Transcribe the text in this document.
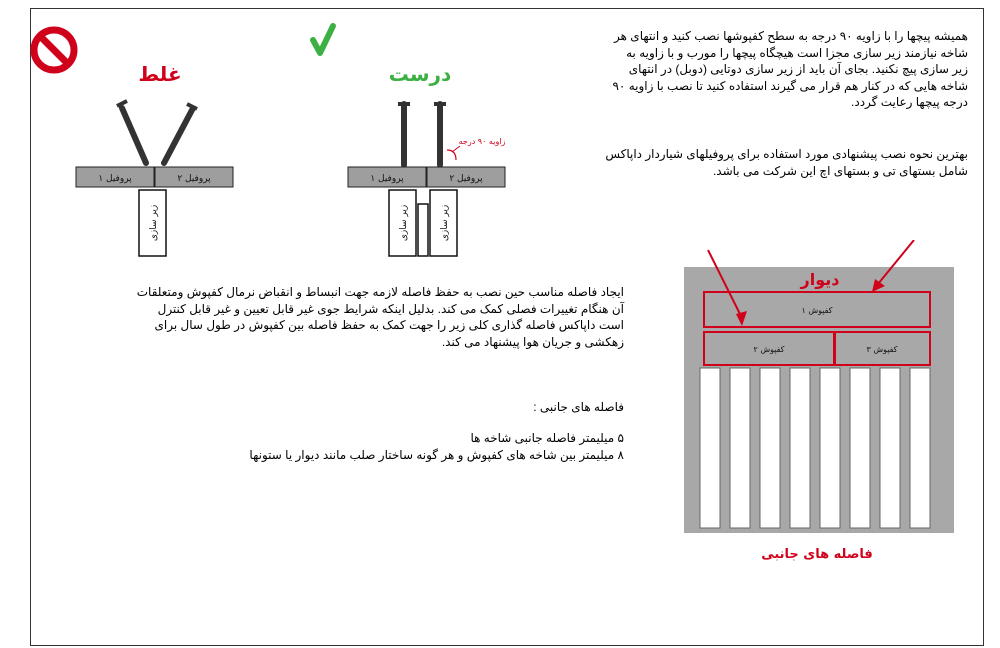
غلط	درست
پروفیل ۱	پروفیل ۲
زیر سازی
زاویه ۹۰ درجه
پروفیل ۱	پروفیل ۲
زیر سازی	زیر سازی
همیشه پیچها را با زاویه ۹۰ درجه به سطح کفپوشها نصب کنید و انتهای هر
شاخه نیازمند زیر سازی مجزا است هیچگاه پیچها را مورب و با زاویه به
زیر سازی پیچ نکنید. بجای آن باید از زیر سازی دوتایی (دوبل) در انتهای
شاخه هایی که در کنار هم قرار می گیرند استفاده کنید تا نصب با زاویه ۹۰
درجه پیچها رعایت گردد.
بهترین نحوه نصب پیشنهادی مورد استفاده برای پروفیلهای شیاردار داپاکس
شامل بستهای تی و بستهای اچ این شرکت می باشد.
ایجاد فاصله مناسب حین نصب به حفظ فاصله لازمه جهت انبساط و انقباض نرمال کفپوش ومتعلقات
آن هنگام تغییرات فصلی کمک می کند. بدلیل اینکه شرایط جوی غیر قابل تعیین و غیر قابل کنترل
است داپاکس فاصله گذاری کلی زیر را جهت کمک به حفظ فاصله بین کفپوش در طول سال برای
زهکشی و جریان هوا پیشنهاد می کند.
فاصله های جانبی :
۵ میلیمتر فاصله جانبی شاخه ها
۸ میلیمتر بین شاخه های کفپوش و هر گونه ساختار صلب مانند دیوار یا ستونها
دیوار
کفپوش ۱
کفپوش ۲	کفپوش ۳
فاصله های جانبی
